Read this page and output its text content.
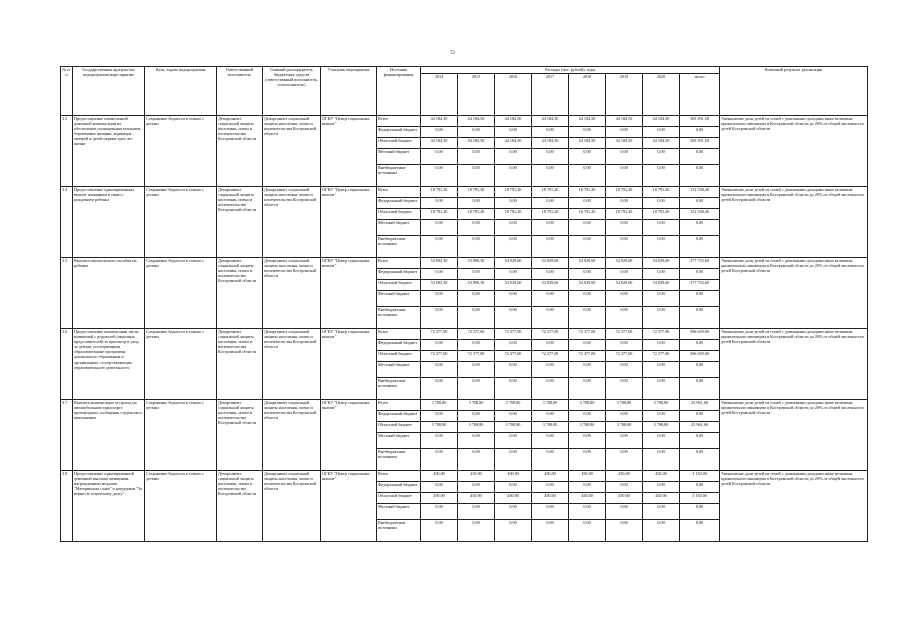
72
№ п/п	Государственная програм-ма/подпрограмма/меро-приятие	Цель, задача подпрограммы	Ответственный исполнитель	Главный распорядитель бюджетных средств (ответственный исполнитель, соисполнитель)	Участник мероприятия	Источник финансирования	Расходы (тыс. рублей), годы								Конечный результат реализации
							2014	2015	2016	2017	2018	2019	2020	итого	
3.3	Предоставление ежемесячной денежной компенсации на обеспечение полноценным питанием беременных женщин, кормящих матерей и детей первых трех лет жизни	Сохранение бедности в семьях с детьми	Департамент социальной защиты населения, опеки и попечительства Костромской области	Департамент социальной защиты населения, опеки и попечительства Костромской области	ОГКУ "Центр социальных выплат"	Всего	44 184,50	44 184,50	44 184,50	44 184,50	44 184,50	44 184,50	44 184,50	309 291,50	Уменьшение доли детей из семей с денежными доходами ниже величины прожиточного минимума в Костромской области до 20% от общей численности детей Костромской области
						Федеральный бюджет	0,00	0,00	0,00	0,00	0,00	0,00	0,00	0,00	
						Областной бюджет	44 184,50	44 184,50	44 184,50	44 184,50	44 184,50	44 184,50	44 184,50	309 291,50	
						Местный бюджет	0,00	0,00	0,00	0,00	0,00	0,00	0,00	0,00	
						Внебюджетные источники	0,00	0,00	0,00	0,00	0,00	0,00	0,00	0,00	
3.4	Предоставление единовременных выплат женщинам в связи с рождением ребенка	Сохранение бедности в семьях с детьми	Департамент социальной защиты населения, опеки и попечительства Костромской области	Департамент социальной защиты населения, опеки и попечительства Костромской области	ОГКУ "Центр социальных выплат"	Всего	18 791,20	18 791,20	18 791,20	18 791,20	18 791,20	18 791,20	18 791,20	131 538,40	Уменьшение доли детей из семей с денежными доходами ниже величины прожиточного минимума в Костромской области до 20% от общей численности детей Костромской области
						Федеральный бюджет	0,00	0,00	0,00	0,00	0,00	0,00	0,00	0,00	
						Областной бюджет	18 791,20	18 791,20	18 791,20	18 791,20	18 791,20	18 791,20	18 791,20	131 538,40	
						Местный бюджет	0,00	0,00	0,00	0,00	0,00	0,00	0,00	0,00	
						Внебюджетные источники	0,00	0,00	0,00	0,00	0,00	0,00	0,00	0,00	
3.5	Выплата ежемесячного пособия на ребенка	Сохранение бедности в семьях с детьми	Департамент социальной защиты населения, опеки и попечительства Костромской области	Департамент социальной защиты населения, опеки и попечительства Костромской области	ОГКУ "Центр социальных выплат"	Всего	53 693,30	53 890,30	54 029,60	54 029,60	54 029,60	54 029,60	54 029,60	377 733,60	Уменьшение доли детей из семей с денежными доходами ниже величины прожиточного минимума в Костромской области до 20% от общей численности детей Костромской области
						Федеральный бюджет	0,00	0,00	0,00	0,00	0,00	0,00	0,00	0,00	
						Областной бюджет	53 693,30	53 890,30	54 029,60	54 029,60	54 029,60	54 029,60	54 029,60	377 733,60	
						Местный бюджет	0,00	0,00	0,00	0,00	0,00	0,00	0,00	0,00	
						Внебюджетные источники	0,00	0,00	0,00	0,00	0,00	0,00	0,00	0,00	
3.6	Предоставление компенсации части, взимаемой с родителей (законных представителей) за присмотр и уход за детьми, посещающими образовательные программы дошкольного образования в организациях, осуществляющих образовательную деятельность	Сохранение бедности в семьях с детьми	Департамент социальной защиты населения, опеки и попечительства Костромской области	Департамент социальной защиты населения, опеки и попечительства Костромской области	ОГКУ "Центр социальных выплат"	Всего	72 377,00	72 377,00	72 377,00	72 377,00	72 377,00	72 377,00	72 377,00	506 639,00	Уменьшение доли детей из семей с денежными доходами ниже величины прожиточного минимума в Костромской области до 20% от общей численности детей Костромской области
						Федеральный бюджет	0,00	0,00	0,00	0,00	0,00	0,00	0,00	0,00	
						Областной бюджет	72 377,00	72 377,00	72 377,00	72 377,00	72 377,00	72 377,00	72 377,00	506 639,00	
						Местный бюджет	0,00	0,00	0,00	0,00	0,00	0,00	0,00	0,00	
						Внебюджетные источники	0,00	0,00	0,00	0,00	0,00	0,00	0,00	0,00	
3.7	Выплата компенсации за проезд на автомобильном транспорте пригородного сообщения студентам и школьникам	Сохранение бедности в семьях с детьми	Департамент социальной защиты населения, опеки и попечительства Костромской области	Департамент социальной защиты населения, опеки и попечительства Костромской области	ОГКУ "Центр социальных выплат"	Всего	3 708,80	3 708,80	3 708,80	3 708,80	3 708,80	3 708,80	3 708,80	25 961,60	Уменьшение доли детей из семей с денежными доходами ниже величины прожиточного минимума в Костромской области до 20% от общей численности детей Костромской области
						Федеральный бюджет	0,00	0,00	0,00	0,00	0,00	0,00	0,00	0,00	
						Областной бюджет	3 708,80	3 708,80	3 708,80	3 708,80	3 708,80	3 708,80	3 708,80	25 961,60	
						Местный бюджет	0,00	0,00	0,00	0,00	0,00	0,00	0,00	0,00	
						Внебюджетные источники	0,00	0,00	0,00	0,00	0,00	0,00	0,00	0,00	
3.8	Предоставление единовременной денежной выплаты женщинам, награжденным медалью "Материнская слава" и нагрудным "За верность отцовскому долгу"	Сохранение бедности в семьях с детьми	Департамент социальной защиты населения, опеки и попечительства Костромской области	Департамент социальной защиты населения, опеки и попечительства Костромской области	ОГКУ "Центр социальных выплат"	Всего	450,00	450,00	450,00	450,00	450,00	450,00	450,00	3 150,00	Уменьшение доли детей из семей с денежными доходами ниже величины прожиточного минимума в Костромской области до 20% от общей численности детей Костромской области
						Федеральный бюджет	0,00	0,00	0,00	0,00	0,00	0,00	0,00	0,00	
						Областной бюджет	450,00	450,00	450,00	450,00	450,00	450,00	450,00	3 150,00	
						Местный бюджет	0,00	0,00	0,00	0,00	0,00	0,00	0,00	0,00	
						Внебюджетные источники	0,00	0,00	0,00	0,00	0,00	0,00	0,00	0,00	
